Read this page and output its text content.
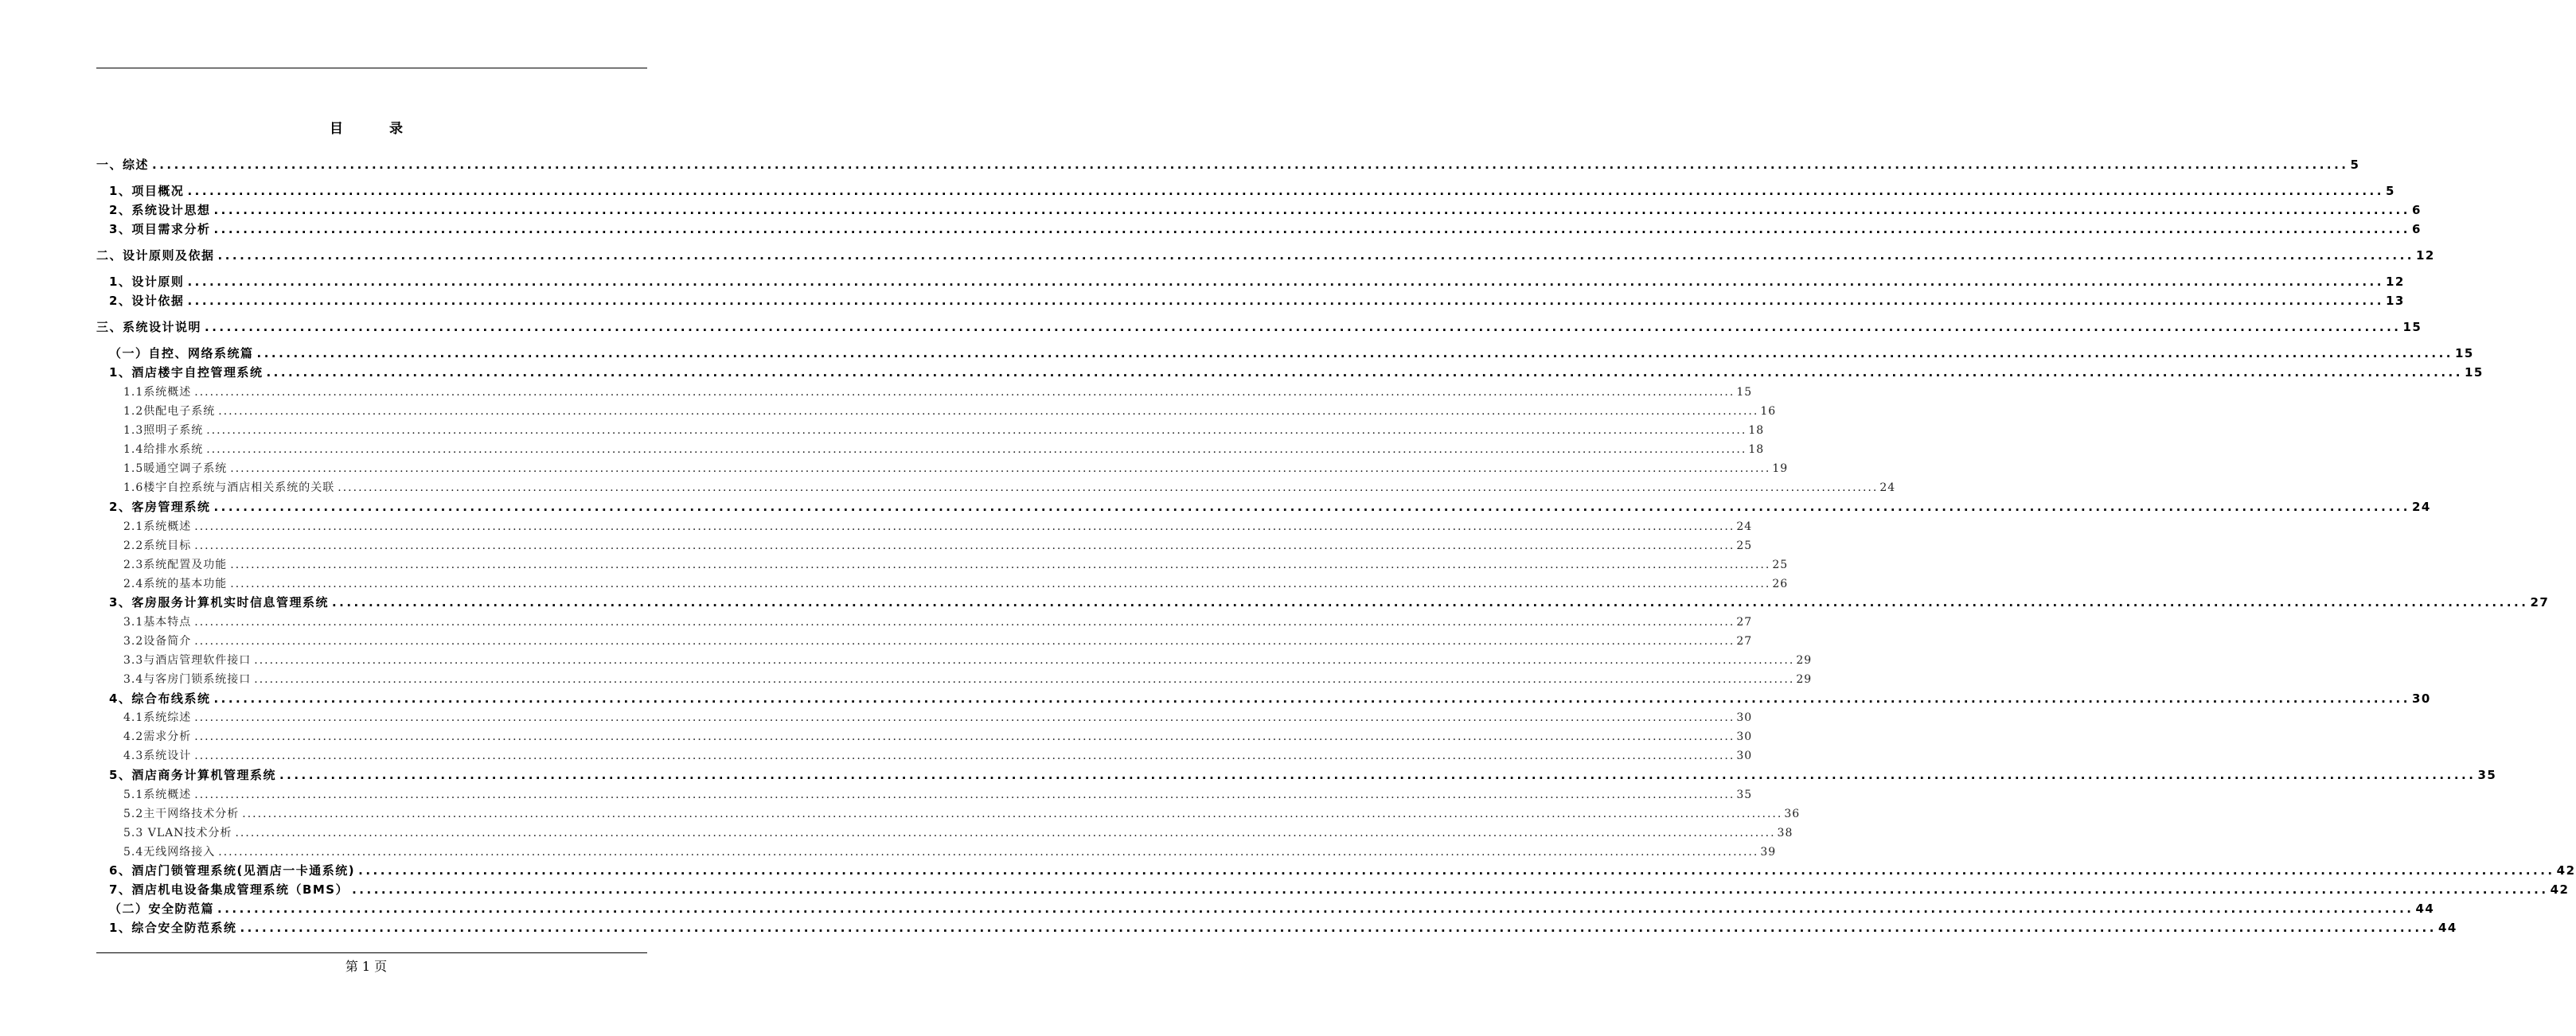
目 录
一、综述 ............................................................................................................................................................................................................................................................................................................ 5
1、项目概况 ............................................................................................................................................................................................................................................................................................................ 5
2、系统设计思想 ............................................................................................................................................................................................................................................................................................................ 6
3、项目需求分析 ............................................................................................................................................................................................................................................................................................................ 6
二、设计原则及依据 ............................................................................................................................................................................................................................................................................................................ 12
1、设计原则 ............................................................................................................................................................................................................................................................................................................ 12
2、设计依据 ............................................................................................................................................................................................................................................................................................................ 13
三、系统设计说明 ............................................................................................................................................................................................................................................................................................................ 15
（一）自控、网络系统篇 ............................................................................................................................................................................................................................................................................................................ 15
1、酒店楼宇自控管理系统 ............................................................................................................................................................................................................................................................................................................ 15
1.1系统概述 ............................................................................................................................................................................................................................................................................................................ 15
1.2供配电子系统 ............................................................................................................................................................................................................................................................................................................ 16
1.3照明子系统 ............................................................................................................................................................................................................................................................................................................ 18
1.4给排水系统 ............................................................................................................................................................................................................................................................................................................ 18
1.5暖通空调子系统 ............................................................................................................................................................................................................................................................................................................ 19
1.6楼宇自控系统与酒店相关系统的关联 ............................................................................................................................................................................................................................................................................................................ 24
2、客房管理系统 ............................................................................................................................................................................................................................................................................................................ 24
2.1系统概述 ............................................................................................................................................................................................................................................................................................................ 24
2.2系统目标 ............................................................................................................................................................................................................................................................................................................ 25
2.3系统配置及功能 ............................................................................................................................................................................................................................................................................................................ 25
2.4系统的基本功能 ............................................................................................................................................................................................................................................................................................................ 26
3、客房服务计算机实时信息管理系统 ............................................................................................................................................................................................................................................................................................................ 27
3.1基本特点 ............................................................................................................................................................................................................................................................................................................ 27
3.2设备简介 ............................................................................................................................................................................................................................................................................................................ 27
3.3与酒店管理软件接口 ............................................................................................................................................................................................................................................................................................................ 29
3.4与客房门锁系统接口 ............................................................................................................................................................................................................................................................................................................ 29
4、综合布线系统 ............................................................................................................................................................................................................................................................................................................ 30
4.1系统综述 ............................................................................................................................................................................................................................................................................................................ 30
4.2需求分析 ............................................................................................................................................................................................................................................................................................................ 30
4.3系统设计 ............................................................................................................................................................................................................................................................................................................ 30
5、酒店商务计算机管理系统 ............................................................................................................................................................................................................................................................................................................ 35
5.1系统概述 ............................................................................................................................................................................................................................................................................................................ 35
5.2主干网络技术分析 ............................................................................................................................................................................................................................................................................................................ 36
5.3 VLAN技术分析 ............................................................................................................................................................................................................................................................................................................ 38
5.4无线网络接入 ............................................................................................................................................................................................................................................................................................................ 39
6、酒店门锁管理系统(见酒店一卡通系统) ............................................................................................................................................................................................................................................................................................................ 42
7、酒店机电设备集成管理系统（BMS） ............................................................................................................................................................................................................................................................................................................ 42
（二）安全防范篇 ............................................................................................................................................................................................................................................................................................................ 44
1、综合安全防范系统 ............................................................................................................................................................................................................................................................................................................ 44
第 1 页
